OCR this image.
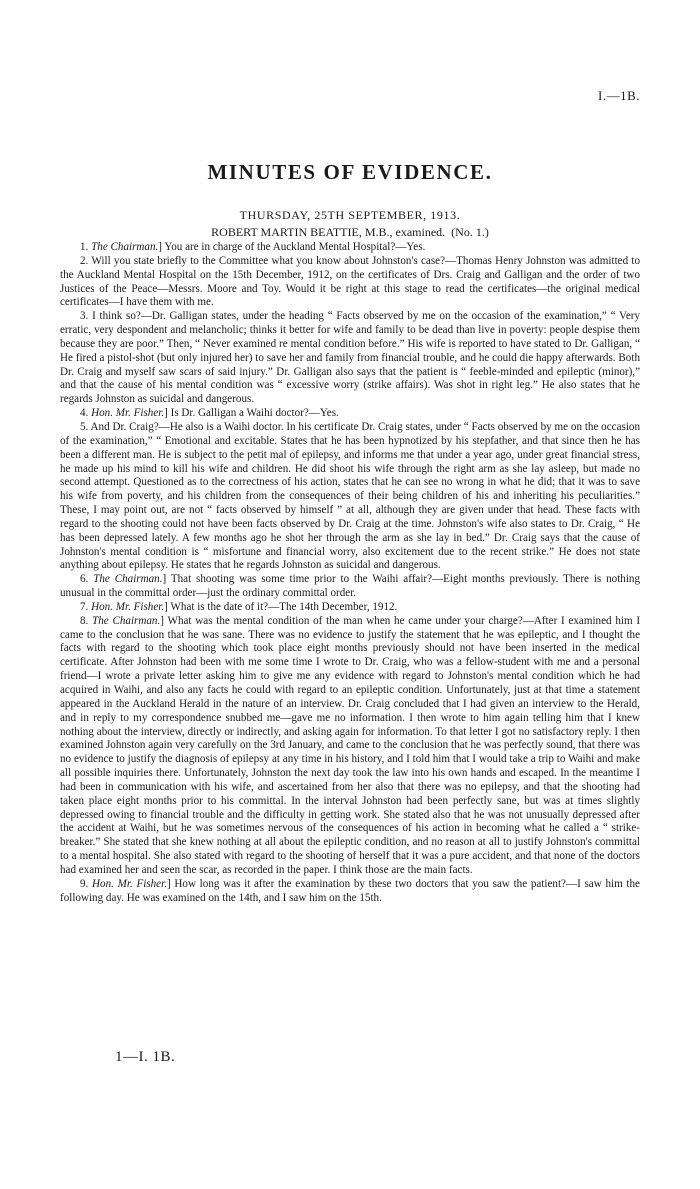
I.—1B.
MINUTES OF EVIDENCE.
THURSDAY, 25TH SEPTEMBER, 1913.
ROBERT MARTIN BEATTIE, M.B., examined. (No. 1.)

1. The Chairman.] You are in charge of the Auckland Mental Hospital?—Yes.

2. Will you state briefly to the Committee what you know about Johnston's case?—Thomas Henry Johnston was admitted to the Auckland Mental Hospital on the 15th December, 1912, on the certificates of Drs. Craig and Galligan and the order of two Justices of the Peace—Messrs. Moore and Toy. Would it be right at this stage to read the certificates—the original medical certificates—I have them with me.

3. I think so?—Dr. Galligan states, under the heading “ Facts observed by me on the occasion of the examination,” “ Very erratic, very despondent and melancholic; thinks it better for wife and family to be dead than live in poverty: people despise them because they are poor.” Then, “ Never examined re mental condition before.” His wife is reported to have stated to Dr. Galligan, “ He fired a pistol-shot (but only injured her) to save her and family from financial trouble, and he could die happy afterwards. Both Dr. Craig and myself saw scars of said injury.” Dr. Galligan also says that the patient is “ feeble-minded and epileptic (minor),” and that the cause of his mental condition was “ excessive worry (strike affairs). Was shot in right leg.” He also states that he regards Johnston as suicidal and dangerous.

4. Hon. Mr. Fisher.] Is Dr. Galligan a Waihi doctor?—Yes.

5. And Dr. Craig?—He also is a Waihi doctor. In his certificate Dr. Craig states, under “ Facts observed by me on the occasion of the examination,” “ Emotional and excitable. States that he has been hypnotized by his stepfather, and that since then he has been a different man. He is subject to the petit mal of epilepsy, and informs me that under a year ago, under great financial stress, he made up his mind to kill his wife and children. He did shoot his wife through the right arm as she lay asleep, but made no second attempt. Questioned as to the correctness of his action, states that he can see no wrong in what he did; that it was to save his wife from poverty, and his children from the consequences of their being children of his and inheriting his peculiarities.” These, I may point out, are not “ facts observed by himself ” at all, although they are given under that head. These facts with regard to the shooting could not have been facts observed by Dr. Craig at the time. Johnston's wife also states to Dr. Craig, “ He has been depressed lately. A few months ago he shot her through the arm as she lay in bed.” Dr. Craig says that the cause of Johnston's mental condition is “ misfortune and financial worry, also excitement due to the recent strike.” He does not state anything about epilepsy. He states that he regards Johnston as suicidal and dangerous.

6. The Chairman.] That shooting was some time prior to the Waihi affair?—Eight months previously. There is nothing unusual in the committal order—just the ordinary committal order.

7. Hon. Mr. Fisher.] What is the date of it?—The 14th December, 1912.

8. The Chairman.] What was the mental condition of the man when he came under your charge?—After I examined him I came to the conclusion that he was sane. There was no evidence to justify the statement that he was epileptic, and I thought the facts with regard to the shooting which took place eight months previously should not have been inserted in the medical certificate. After Johnston had been with me some time I wrote to Dr. Craig, who was a fellow-student with me and a personal friend—I wrote a private letter asking him to give me any evidence with regard to Johnston's mental condition which he had acquired in Waihi, and also any facts he could with regard to an epileptic condition. Unfortunately, just at that time a statement appeared in the Auckland Herald in the nature of an interview. Dr. Craig concluded that I had given an interview to the Herald, and in reply to my correspondence snubbed me—gave me no information. I then wrote to him again telling him that I knew nothing about the interview, directly or indirectly, and asking again for information. To that letter I got no satisfactory reply. I then examined Johnston again very carefully on the 3rd January, and came to the conclusion that he was perfectly sound, that there was no evidence to justify the diagnosis of epilepsy at any time in his history, and I told him that I would take a trip to Waihi and make all possible inquiries there. Unfortunately, Johnston the next day took the law into his own hands and escaped. In the meantime I had been in communication with his wife, and ascertained from her also that there was no epilepsy, and that the shooting had taken place eight months prior to his committal. In the interval Johnston had been perfectly sane, but was at times slightly depressed owing to financial trouble and the difficulty in getting work. She stated also that he was not unusually depressed after the accident at Waihi, but he was sometimes nervous of the consequences of his action in becoming what he called a “ strike-breaker.” She stated that she knew nothing at all about the epileptic condition, and no reason at all to justify Johnston's committal to a mental hospital. She also stated with regard to the shooting of herself that it was a pure accident, and that none of the doctors had examined her and seen the scar, as recorded in the paper. I think those are the main facts.

9. Hon. Mr. Fisher.] How long was it after the examination by these two doctors that you saw the patient?—I saw him the following day. He was examined on the 14th, and I saw him on the 15th.

1—I. 1B.
